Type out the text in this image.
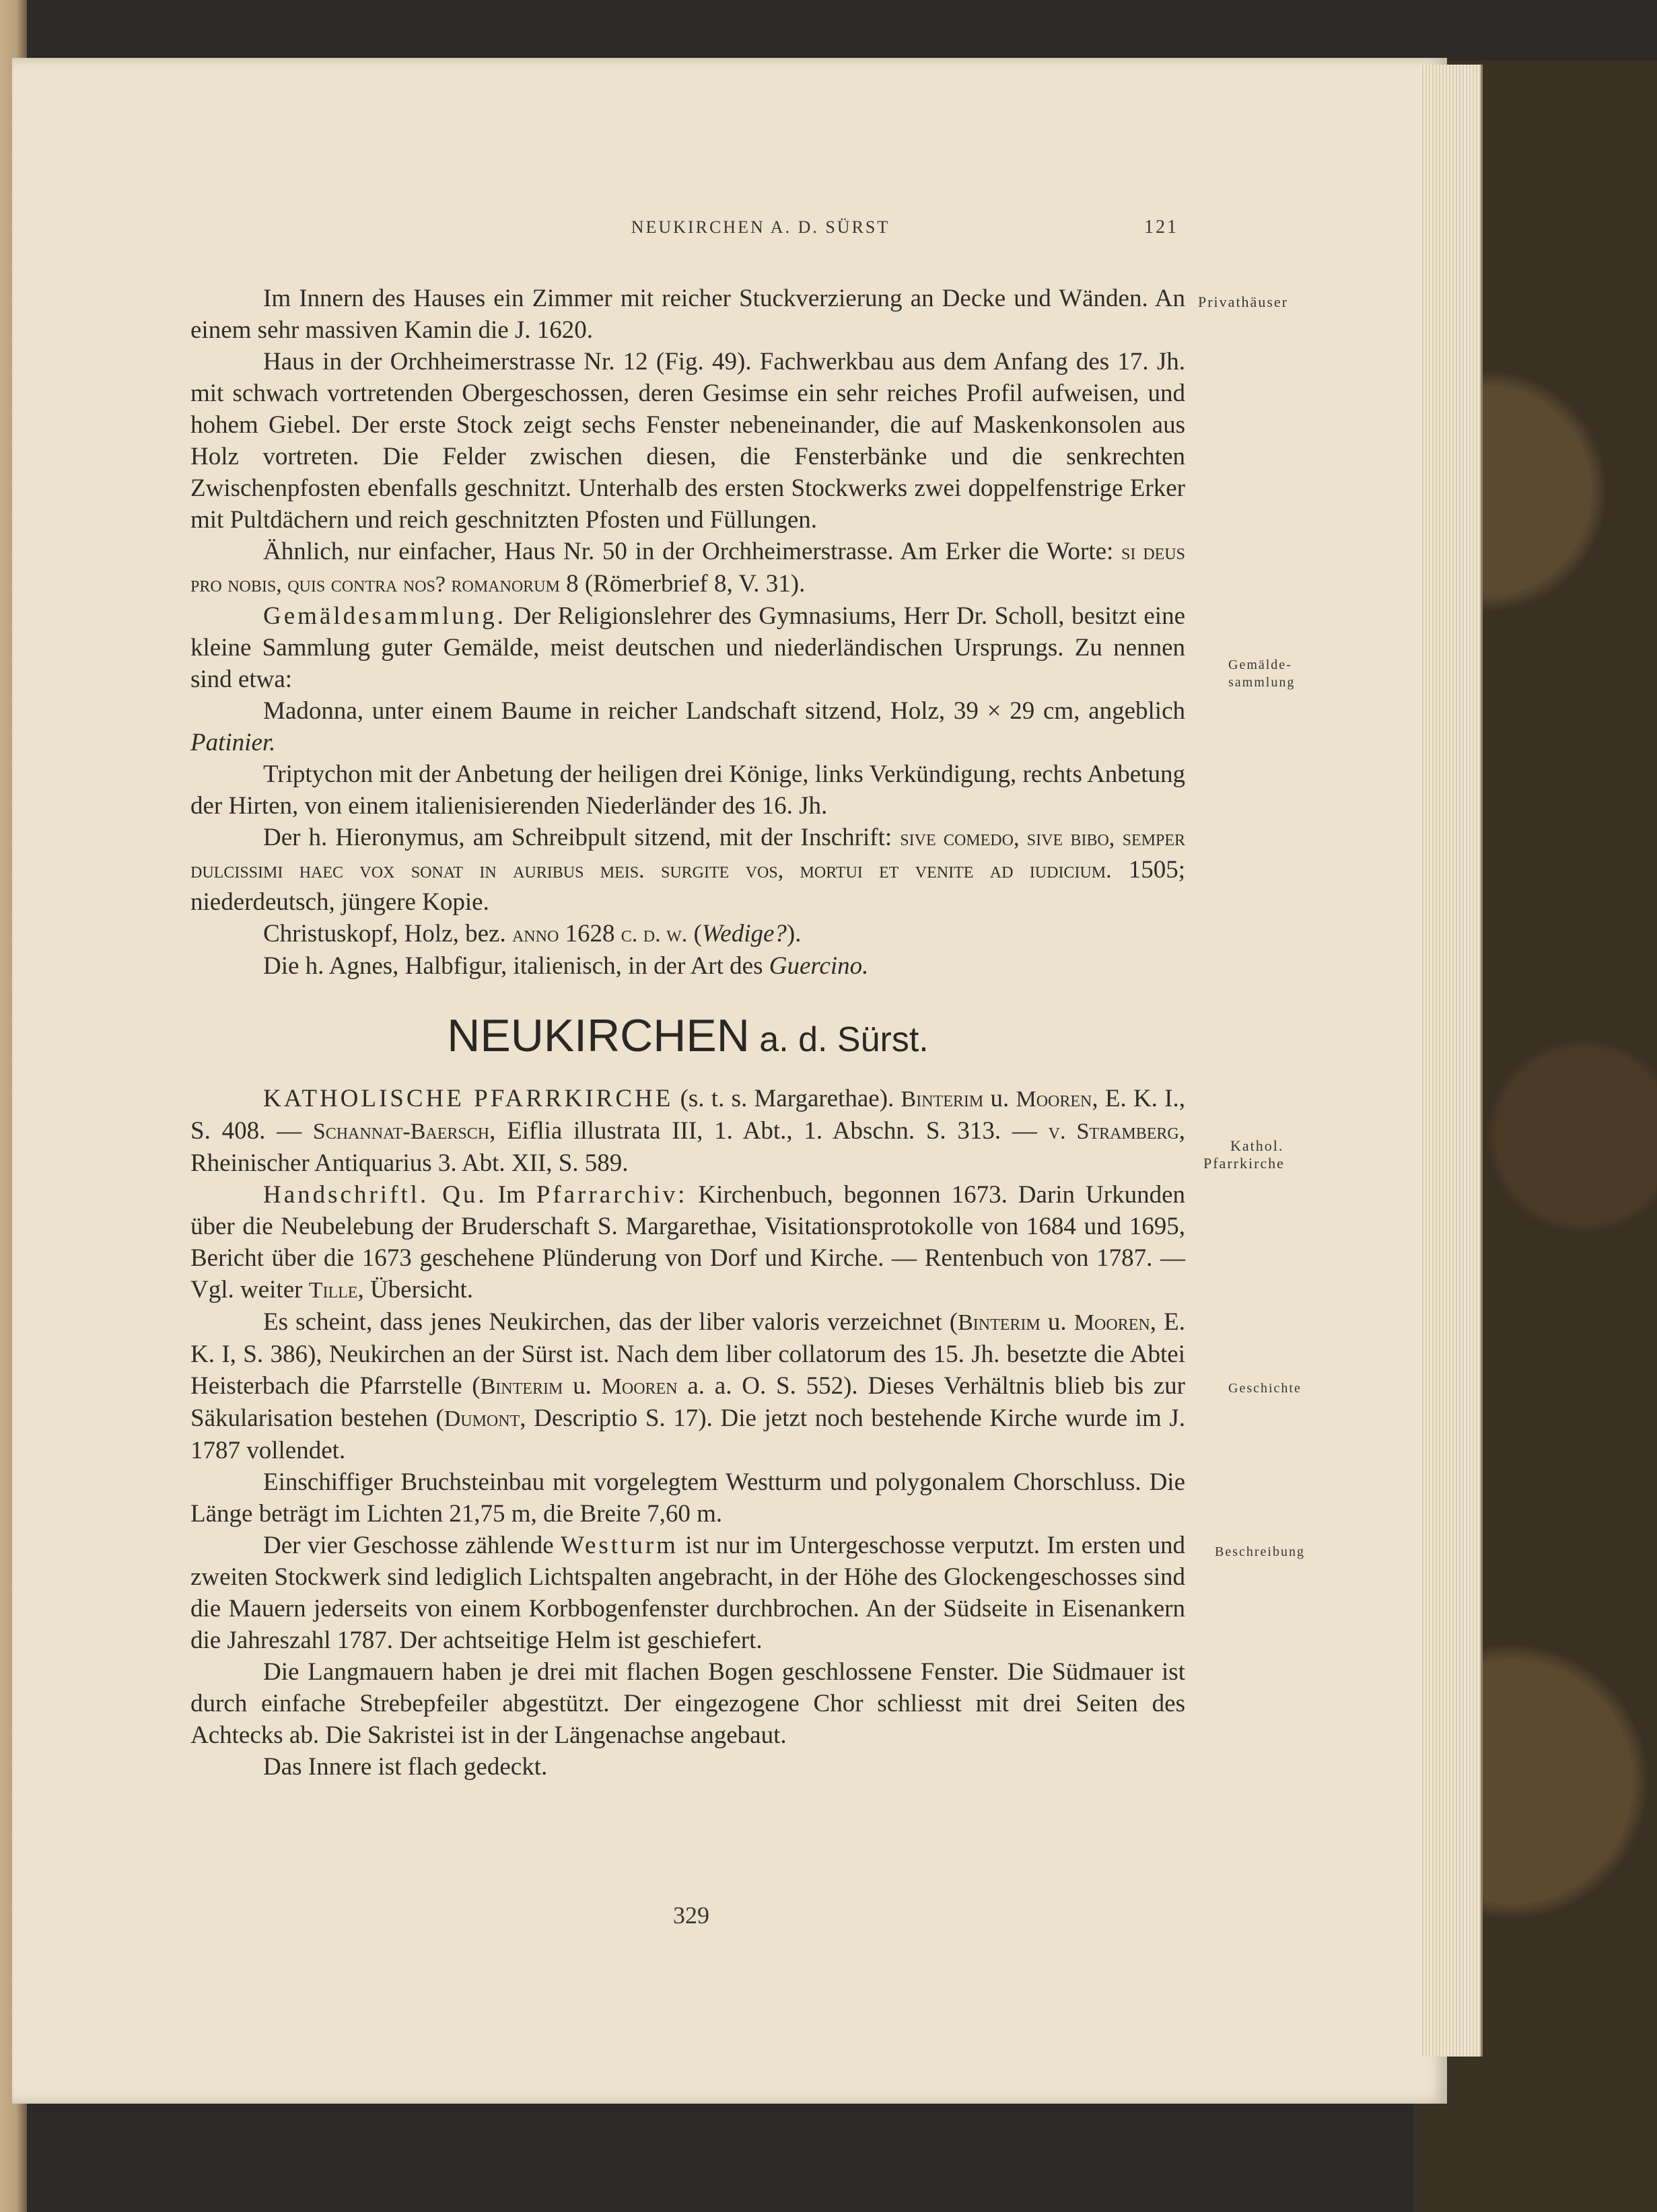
NEUKIRCHEN A. D. SÜRST	121
Privathäuser
Gemälde-
sammlung
Kathol.
Pfarrkirche
Geschichte
Beschreibung

Im Innern des Hauses ein Zimmer mit reicher Stuckverzierung an Decke und Wänden. An einem sehr massiven Kamin die J. 1620.

Haus in der Orchheimerstrasse Nr. 12 (Fig. 49). Fachwerkbau aus dem Anfang des 17. Jh. mit schwach vortretenden Obergeschossen, deren Gesimse ein sehr reiches Profil aufweisen, und hohem Giebel. Der erste Stock zeigt sechs Fenster nebeneinander, die auf Maskenkonsolen aus Holz vortreten. Die Felder zwischen diesen, die Fensterbänke und die senkrechten Zwischenpfosten ebenfalls geschnitzt. Unterhalb des ersten Stockwerks zwei doppelfenstrige Erker mit Pultdächern und reich geschnitzten Pfosten und Füllungen.

Ähnlich, nur einfacher, Haus Nr. 50 in der Orchheimerstrasse. Am Erker die Worte: si deus pro nobis, quis contra nos? romanorum 8 (Römerbrief 8, V. 31).

Gemäldesammlung. Der Religionslehrer des Gymnasiums, Herr Dr. Scholl, besitzt eine kleine Sammlung guter Gemälde, meist deutschen und niederländischen Ursprungs. Zu nennen sind etwa:

Madonna, unter einem Baume in reicher Landschaft sitzend, Holz, 39 × 29 cm, angeblich Patinier.

Triptychon mit der Anbetung der heiligen drei Könige, links Verkündigung, rechts Anbetung der Hirten, von einem italienisierenden Niederländer des 16. Jh.

Der h. Hieronymus, am Schreibpult sitzend, mit der Inschrift: sive comedo, sive bibo, semper dulcissimi haec vox sonat in auribus meis. surgite vos, mortui et venite ad iudicium. 1505; niederdeutsch, jüngere Kopie.

Christuskopf, Holz, bez. anno 1628 c. d. w. (Wedige?).

Die h. Agnes, Halbfigur, italienisch, in der Art des Guercino.

NEUKIRCHEN a. d. Sürst.

KATHOLISCHE PFARRKIRCHE (s. t. s. Margarethae). Binterim u. Mooren, E. K. I., S. 408. — Schannat-Baersch, Eiflia illustrata III, 1. Abt., 1. Abschn. S. 313. — v. Stramberg, Rheinischer Antiquarius 3. Abt. XII, S. 589.

Handschriftl. Qu. Im Pfarrarchiv: Kirchenbuch, begonnen 1673. Darin Urkunden über die Neubelebung der Bruderschaft S. Margarethae, Visitationsprotokolle von 1684 und 1695, Bericht über die 1673 geschehene Plünderung von Dorf und Kirche. — Rentenbuch von 1787. — Vgl. weiter Tille, Übersicht.

Es scheint, dass jenes Neukirchen, das der liber valoris verzeichnet (Binterim u. Mooren, E. K. I, S. 386), Neukirchen an der Sürst ist. Nach dem liber collatorum des 15. Jh. besetzte die Abtei Heisterbach die Pfarrstelle (Binterim u. Mooren a. a. O. S. 552). Dieses Verhältnis blieb bis zur Säkularisation bestehen (Dumont, Descriptio S. 17). Die jetzt noch bestehende Kirche wurde im J. 1787 vollendet.

Einschiffiger Bruchsteinbau mit vorgelegtem Westturm und polygonalem Chorschluss. Die Länge beträgt im Lichten 21,75 m, die Breite 7,60 m.

Der vier Geschosse zählende Westturm ist nur im Untergeschosse verputzt. Im ersten und zweiten Stockwerk sind lediglich Lichtspalten angebracht, in der Höhe des Glockengeschosses sind die Mauern jederseits von einem Korbbogenfenster durchbrochen. An der Südseite in Eisenankern die Jahreszahl 1787. Der achtseitige Helm ist geschiefert.

Die Langmauern haben je drei mit flachen Bogen geschlossene Fenster. Die Südmauer ist durch einfache Strebepfeiler abgestützt. Der eingezogene Chor schliesst mit drei Seiten des Achtecks ab. Die Sakristei ist in der Längenachse angebaut.

Das Innere ist flach gedeckt.

329
